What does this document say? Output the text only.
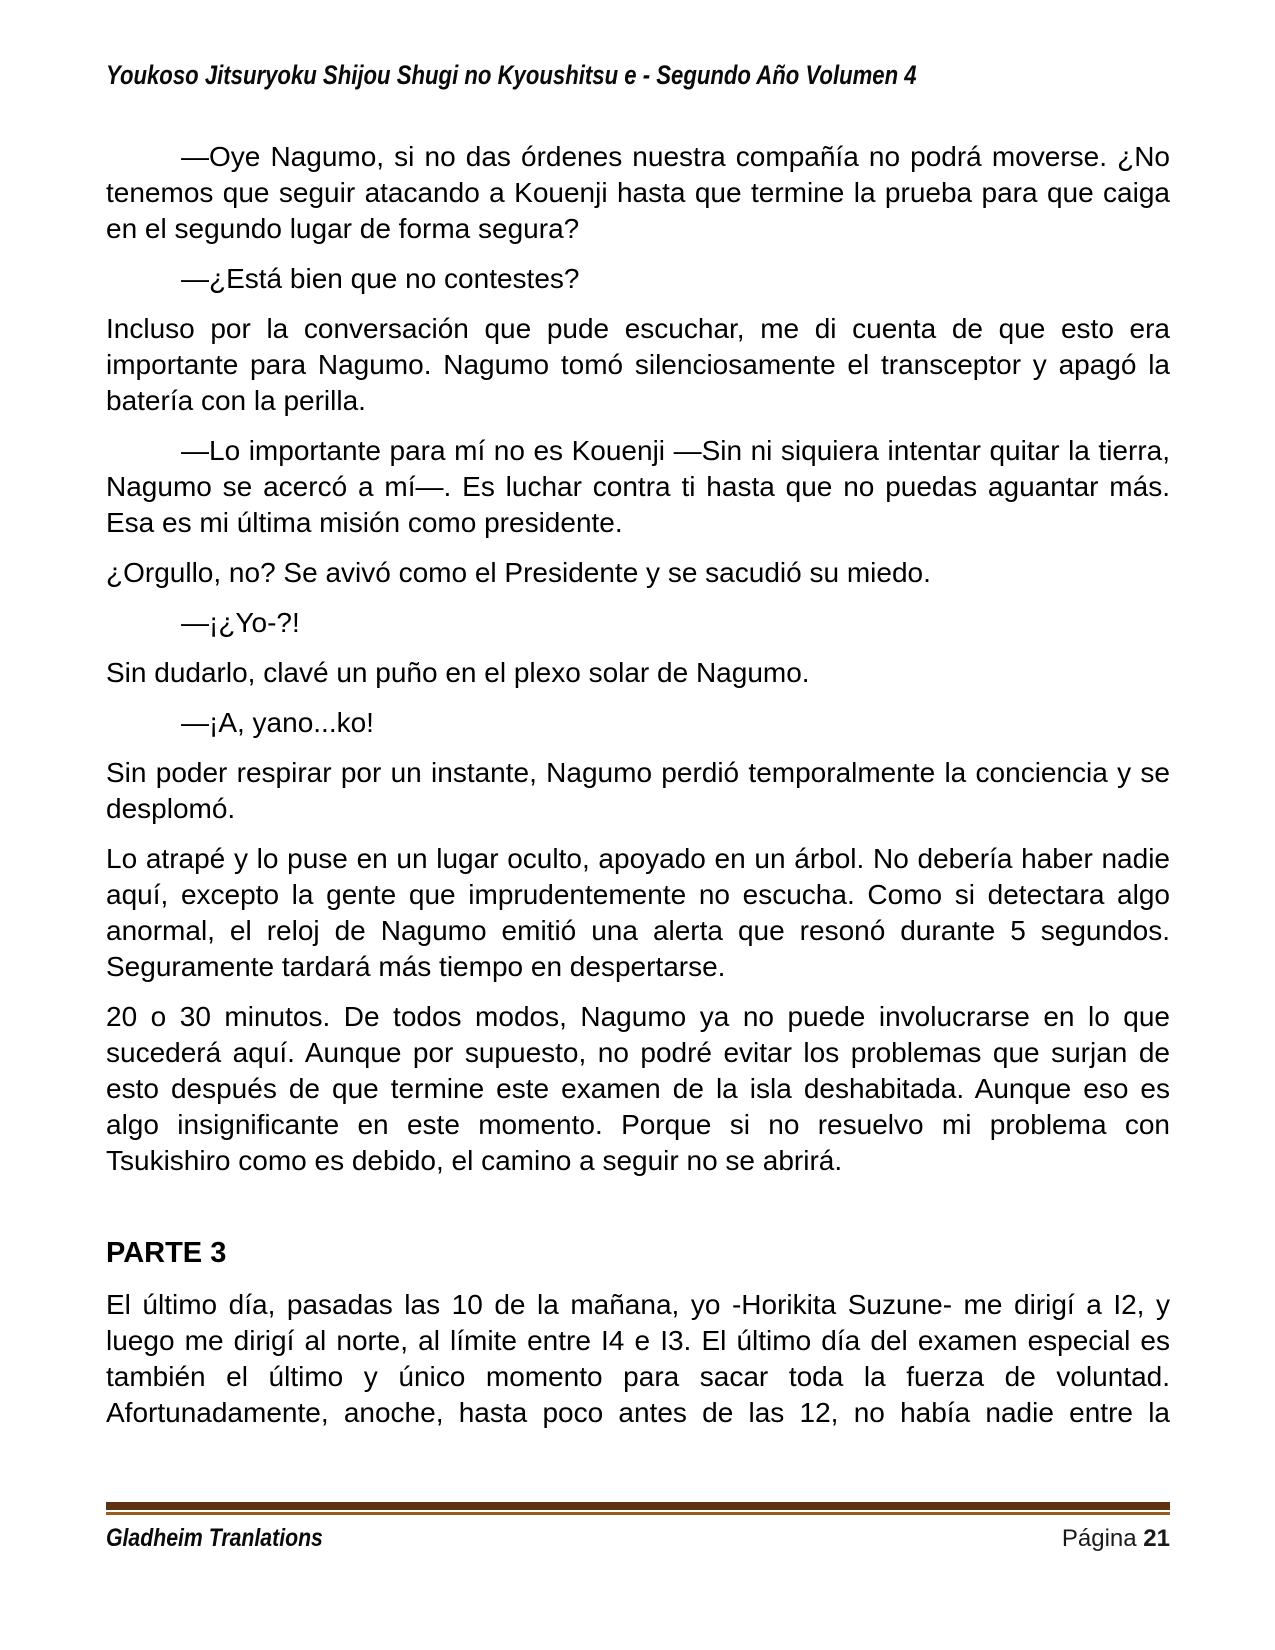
Youkoso Jitsuryoku Shijou Shugi no Kyoushitsu e - Segundo Año Volumen 4

—Oye Nagumo, si no das órdenes nuestra compañía no podrá moverse. ¿No tenemos que seguir atacando a Kouenji hasta que termine la prueba para que caiga en el segundo lugar de forma segura?

—¿Está bien que no contestes?

Incluso por la conversación que pude escuchar, me di cuenta de que esto era importante para Nagumo. Nagumo tomó silenciosamente el transceptor y apagó la batería con la perilla.

—Lo importante para mí no es Kouenji —Sin ni siquiera intentar quitar la tierra, Nagumo se acercó a mí—. Es luchar contra ti hasta que no puedas aguantar más. Esa es mi última misión como presidente.

¿Orgullo, no? Se avivó como el Presidente y se sacudió su miedo.

—¡¿Yo-?!

Sin dudarlo, clavé un puño en el plexo solar de Nagumo.

—¡A, yano...ko!

Sin poder respirar por un instante, Nagumo perdió temporalmente la conciencia y se desplomó.

Lo atrapé y lo puse en un lugar oculto, apoyado en un árbol. No debería haber nadie aquí, excepto la gente que imprudentemente no escucha. Como si detectara algo anormal, el reloj de Nagumo emitió una alerta que resonó durante 5 segundos. Seguramente tardará más tiempo en despertarse.

20 o 30 minutos. De todos modos, Nagumo ya no puede involucrarse en lo que sucederá aquí. Aunque por supuesto, no podré evitar los problemas que surjan de esto después de que termine este examen de la isla deshabitada. Aunque eso es algo insignificante en este momento. Porque si no resuelvo mi problema con Tsukishiro como es debido, el camino a seguir no se abrirá.

PARTE 3

El último día, pasadas las 10 de la mañana, yo -Horikita Suzune- me dirigí a I2, y luego me dirigí al norte, al límite entre I4 e I3. El último día del examen especial es también el último y único momento para sacar toda la fuerza de voluntad. Afortunadamente, anoche, hasta poco antes de las 12, no había nadie entre la

Gladheim Tranlations	Página 21
